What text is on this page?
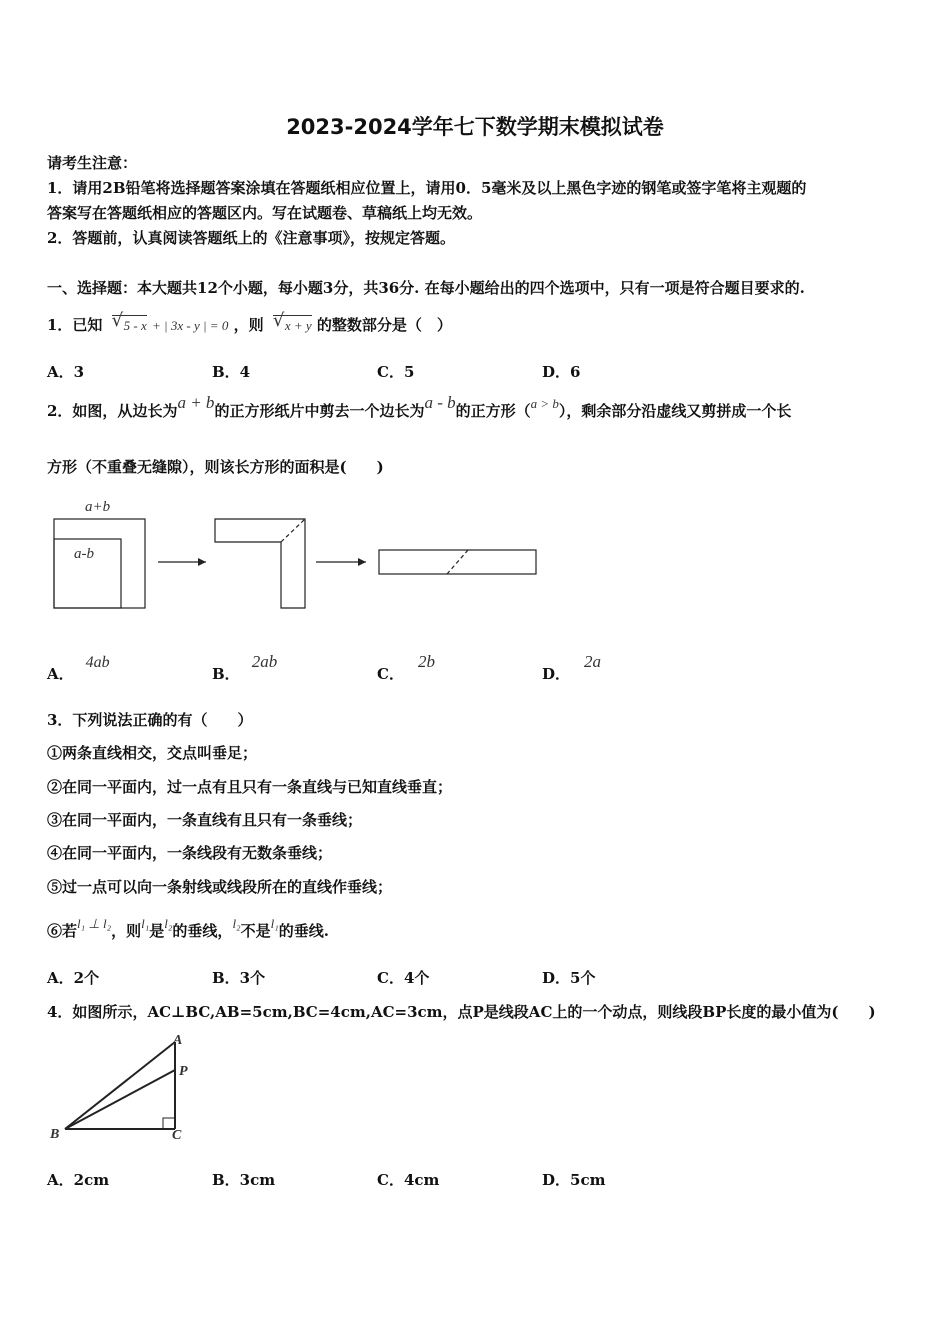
2023-2024学年七下数学期末模拟试卷
请考生注意：
1．请用2B铅笔将选择题答案涂填在答题纸相应位置上，请用0．5毫米及以上黑色字迹的钢笔或签字笔将主观题的
答案写在答题纸相应的答题区内。写在试题卷、草稿纸上均无效。
2．答题前，认真阅读答题纸上的《注意事项》，按规定答题。
一、选择题：本大题共12个小题，每小题3分，共36分. 在每小题给出的四个选项中，只有一项是符合题目要求的.
1．已知 √ 5 - x + | 3x - y | = 0 ，则 √ x + y 的整数部分是（　）
A．3	B．4	C．5	D．6
2．如图，从边长为a + b的正方形纸片中剪去一个边长为a - b的正方形（a > b），剩余部分沿虚线又剪拼成一个长
方形（不重叠无缝隙），则该长方形的面积是(　　)
a+b
a-b
A．4ab
B．2ab
C．2b
D．2a
3．下列说法正确的有（　　）
①两条直线相交，交点叫垂足；
②在同一平面内，过一点有且只有一条直线与已知直线垂直；
③在同一平面内，一条直线有且只有一条垂线；
④在同一平面内，一条线段有无数条垂线；
⑤过一点可以向一条射线或线段所在的直线作垂线；
⑥若l₁ ⊥ l₂，则l₁是l₂的垂线，l₂不是l₁的垂线.
A．2个	B．3个	C．4个	D．5个
4．如图所示，AC⊥BC,AB=5cm,BC=4cm,AC=3cm，点P是线段AC上的一个动点，则线段BP长度的最小值为(　　)
A
P
B	C
A．2cm	B．3cm	C．4cm	D．5cm
